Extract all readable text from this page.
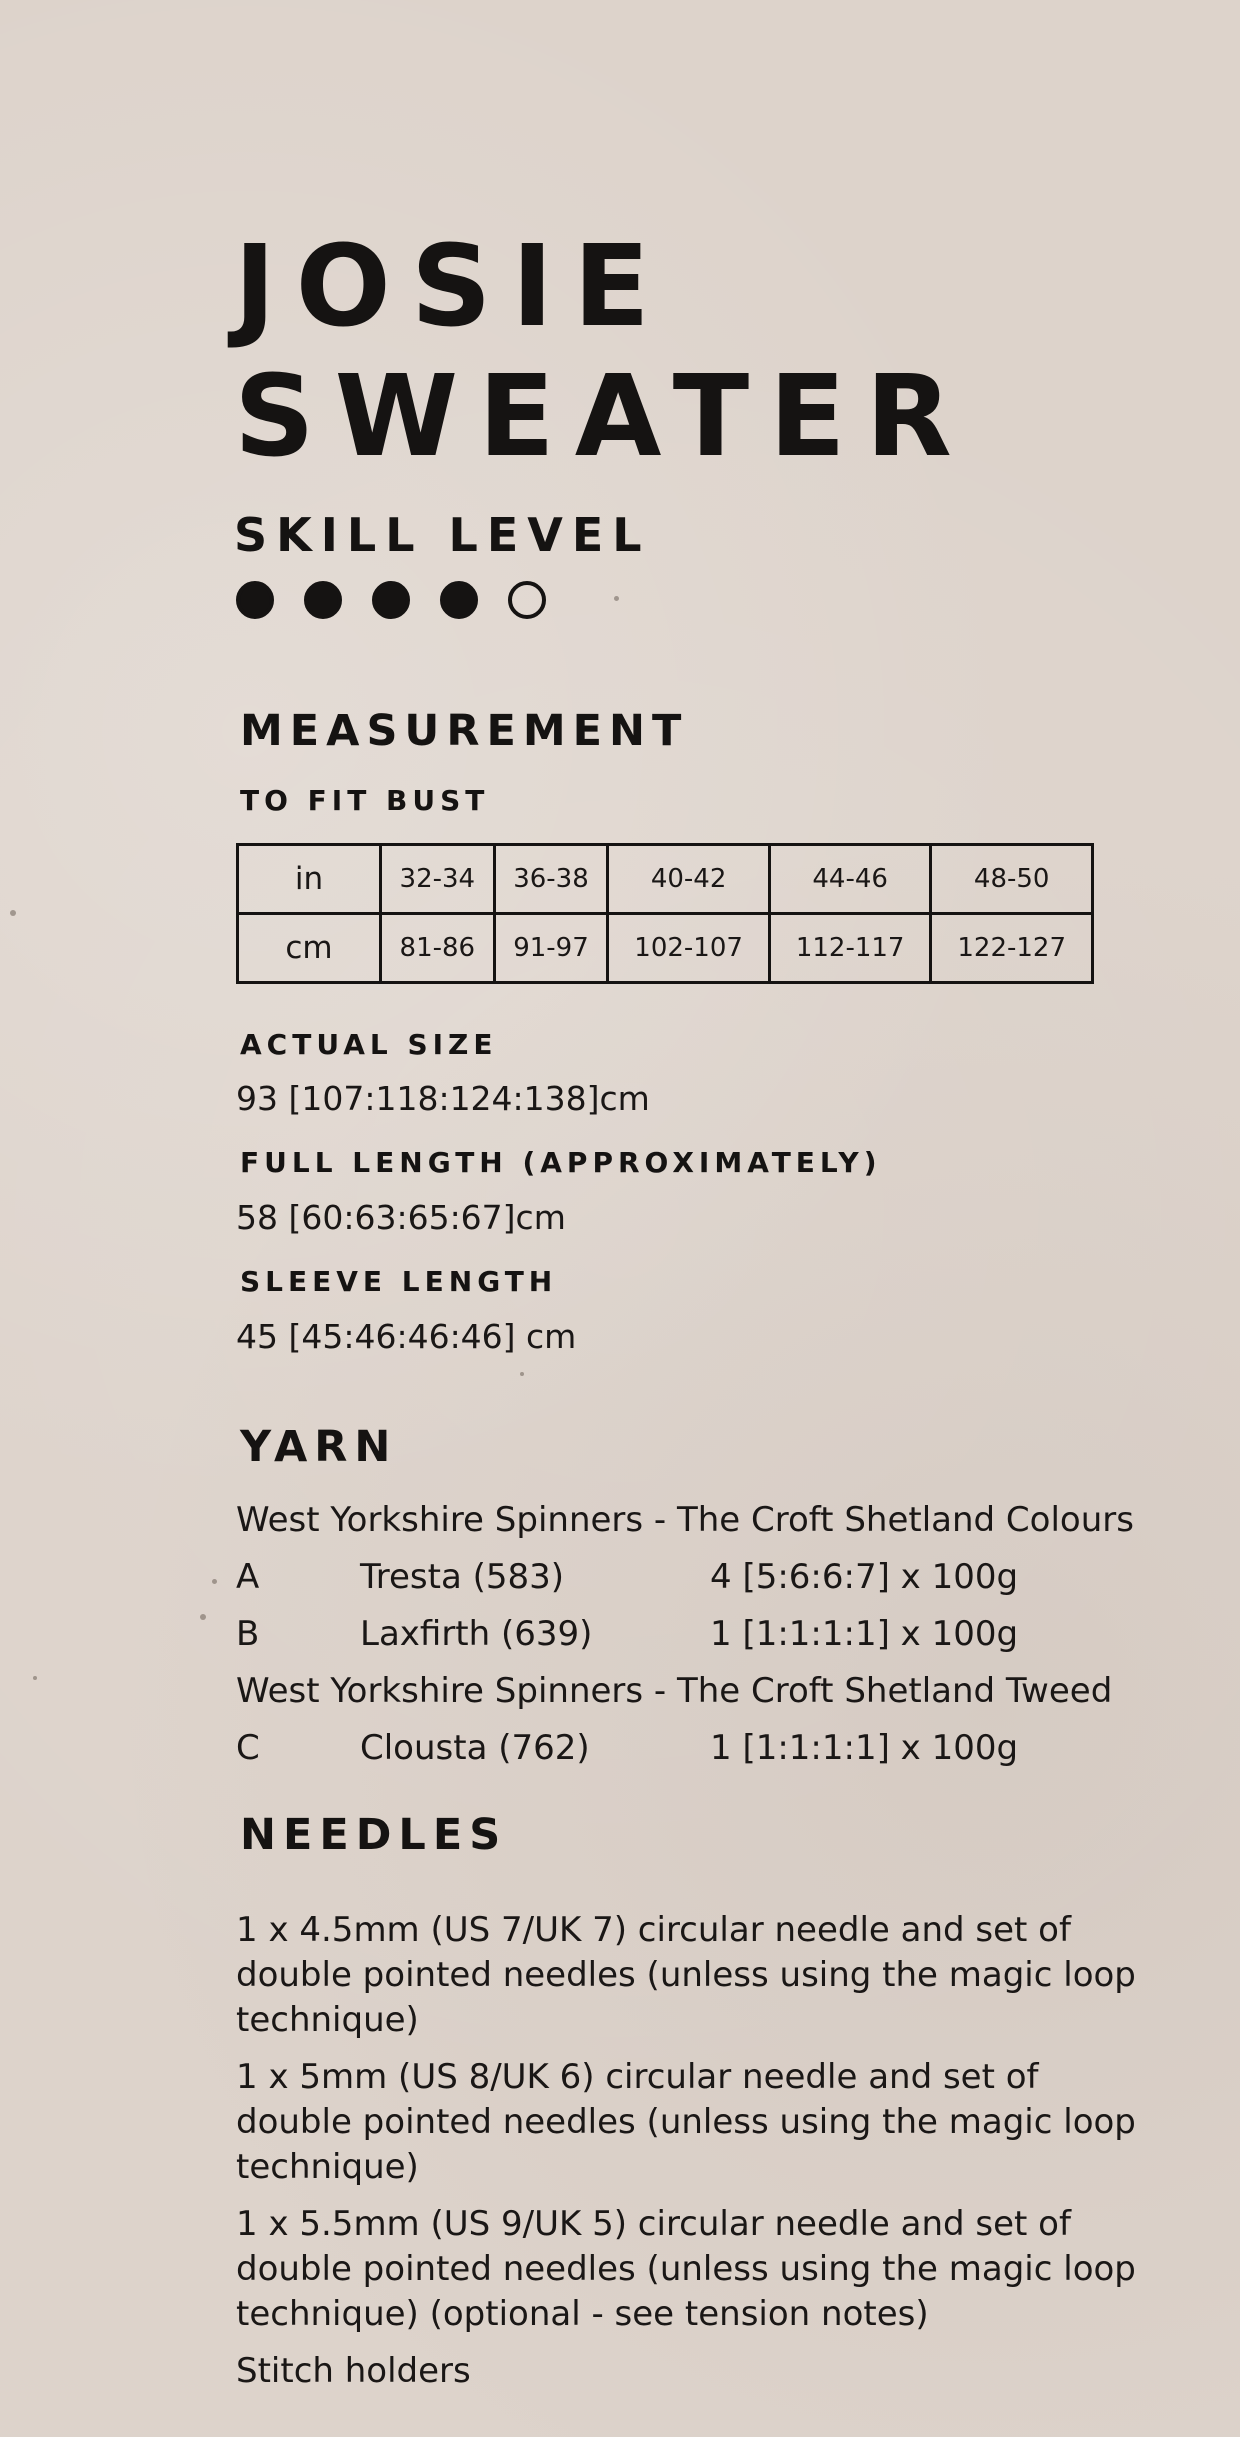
JOSIE
SWEATER
SKILL LEVEL
MEASUREMENT
TO FIT BUST
in	32-34	36-38	40-42	44-46	48-50
cm	81-86	91-97	102-107	112-117	122-127
ACTUAL SIZE

93 [107:118:124:138]cm

FULL LENGTH (APPROXIMATELY)

58 [60:63:65:67]cm

SLEEVE LENGTH

45 [45:46:46:46] cm

YARN
West Yorkshire Spinners - The Croft Shetland Colours
A	Tresta (583)	4 [5:6:6:7] x 100g
B	Laxfirth (639)	1 [1:1:1:1] x 100g
West Yorkshire Spinners - The Croft Shetland Tweed
C	Clousta (762)	1 [1:1:1:1] x 100g
NEEDLES

1 x 4.5mm (US 7/UK 7) circular needle and set of double pointed needles (unless using the magic loop technique)

1 x 5mm (US 8/UK 6) circular needle and set of double pointed needles (unless using the magic loop technique)

1 x 5.5mm (US 9/UK 5) circular needle and set of double pointed needles (unless using the magic loop technique) (optional - see tension notes)

Stitch holders
